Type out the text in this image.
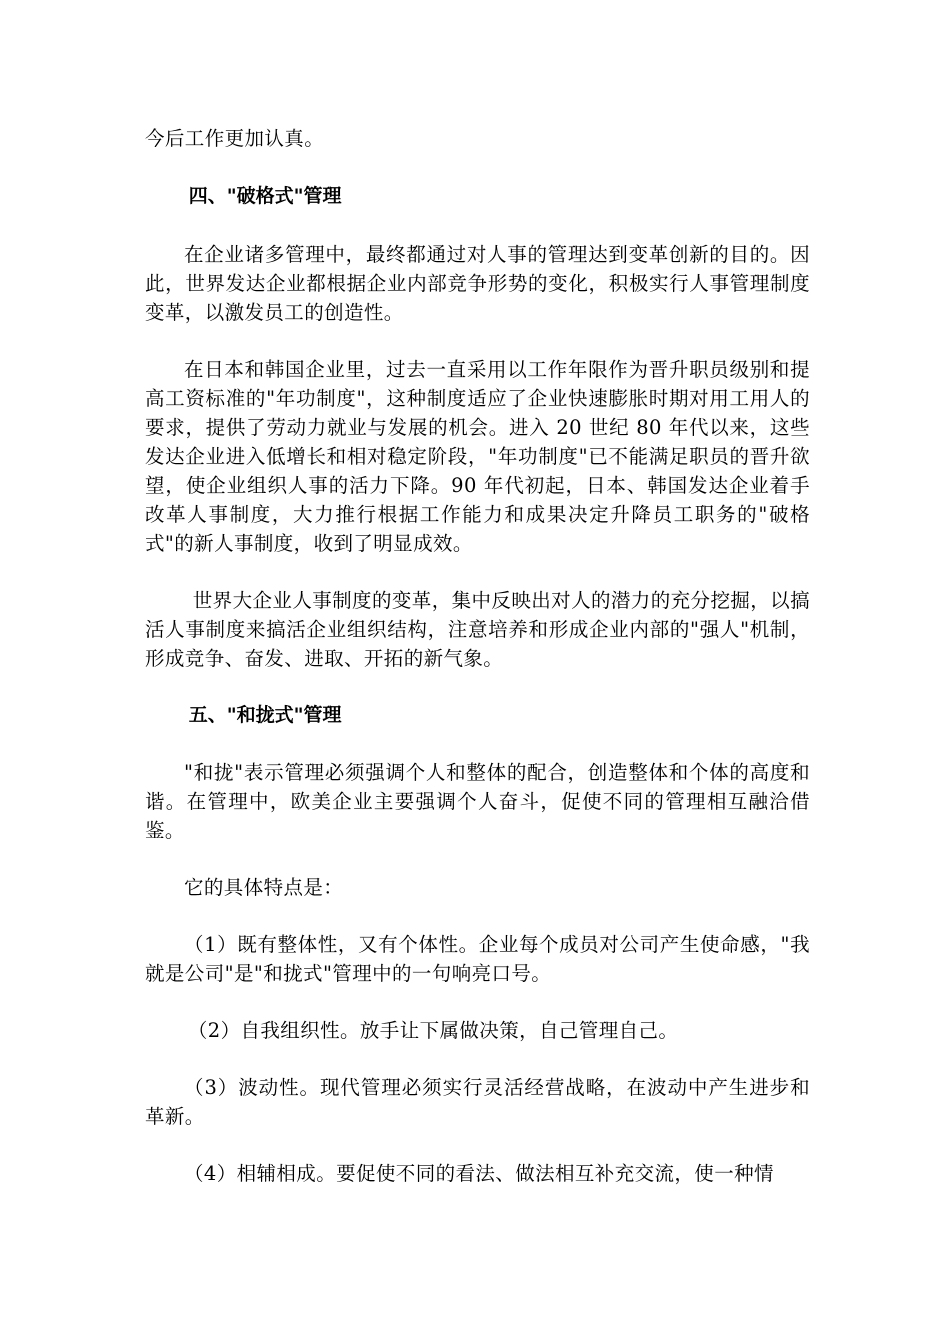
今后工作更加认真。

四、"破格式"管理

在企业诸多管理中，最终都通过对人事的管理达到变革创新的目的。因此，世界发达企业都根据企业内部竞争形势的变化，积极实行人事管理制度变革，以激发员工的创造性。

在日本和韩国企业里，过去一直采用以工作年限作为晋升职员级别和提高工资标准的"年功制度"，这种制度适应了企业快速膨胀时期对用工用人的要求，提供了劳动力就业与发展的机会。进入 20 世纪 80 年代以来，这些发达企业进入低增长和相对稳定阶段，"年功制度"已不能满足职员的晋升欲望，使企业组织人事的活力下降。90 年代初起，日本、韩国发达企业着手改革人事制度，大力推行根据工作能力和成果决定升降员工职务的"破格式"的新人事制度，收到了明显成效。

世界大企业人事制度的变革，集中反映出对人的潜力的充分挖掘，以搞活人事制度来搞活企业组织结构，注意培养和形成企业内部的"强人"机制，形成竞争、奋发、进取、开拓的新气象。

五、"和拢式"管理

"和拢"表示管理必须强调个人和整体的配合，创造整体和个体的高度和谐。在管理中，欧美企业主要强调个人奋斗，促使不同的管理相互融洽借鉴。

它的具体特点是：

（1）既有整体性，又有个体性。企业每个成员对公司产生使命感，"我就是公司"是"和拢式"管理中的一句响亮口号。

（2）自我组织性。放手让下属做决策，自己管理自己。

（3）波动性。现代管理必须实行灵活经营战略，在波动中产生进步和革新。

（4）相辅相成。要促使不同的看法、做法相互补充交流，使一种情
